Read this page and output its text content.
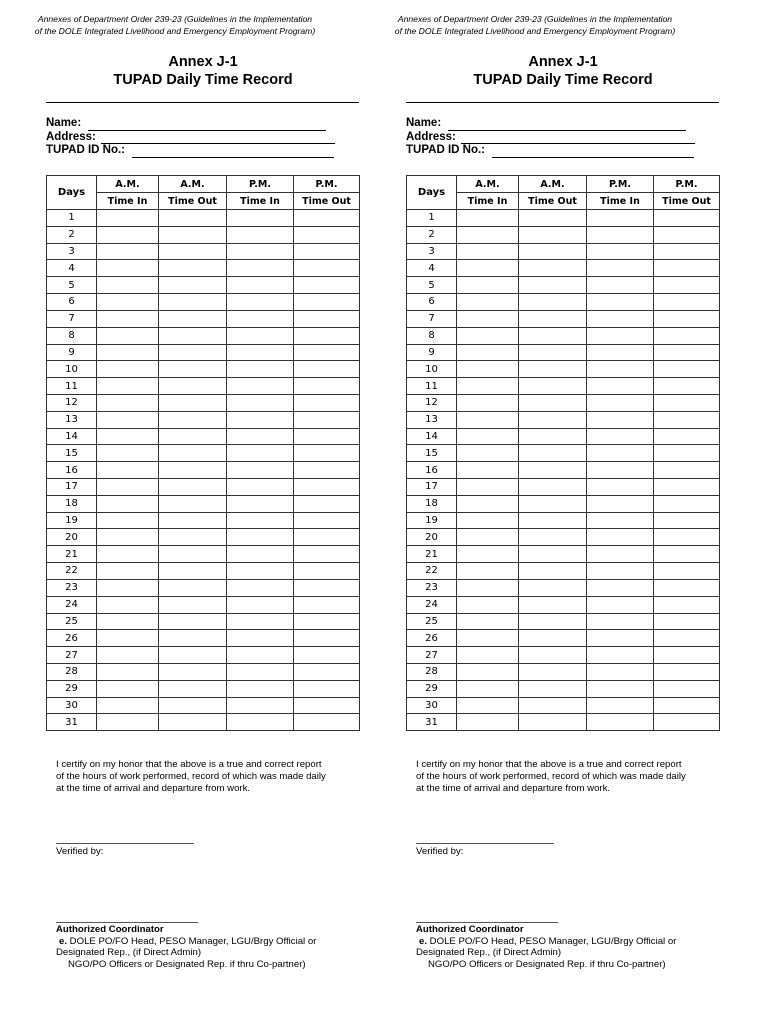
Annexes of Department Order 239-23 (Guidelines in the Implementation
of the DOLE Integrated Livelihood and Emergency Employment Program)
Annex J-1
TUPAD Daily Time Record
Name:
Address:
TUPAD ID No.:
Days	A.M.	A.M.	P.M.	P.M.
	Time In	Time Out	Time In	Time Out
1				
2				
3				
4				
5				
6				
7				
8				
9				
10				
11				
12				
13				
14				
15				
16				
17				
18				
19				
20				
21				
22				
23				
24				
25				
26				
27				
28				
29				
30				
31				
I certify on my honor that the above is a true and correct report
of the hours of work performed, record of which was made daily
at the time of arrival and departure from work.
Verified by:
Authorized Coordinator
e. DOLE PO/FO Head, PESO Manager, LGU/Brgy Official or
Designated Rep., (if Direct Admin)
NGO/PO Officers or Designated Rep. if thru Co-partner)
Annexes of Department Order 239-23 (Guidelines in the Implementation
of the DOLE Integrated Livelihood and Emergency Employment Program)
Annex J-1
TUPAD Daily Time Record
Name:
Address:
TUPAD ID No.:
Days	A.M.	A.M.	P.M.	P.M.
	Time In	Time Out	Time In	Time Out
1				
2				
3				
4				
5				
6				
7				
8				
9				
10				
11				
12				
13				
14				
15				
16				
17				
18				
19				
20				
21				
22				
23				
24				
25				
26				
27				
28				
29				
30				
31				
I certify on my honor that the above is a true and correct report
of the hours of work performed, record of which was made daily
at the time of arrival and departure from work.
Verified by:
Authorized Coordinator
e. DOLE PO/FO Head, PESO Manager, LGU/Brgy Official or
Designated Rep., (if Direct Admin)
NGO/PO Officers or Designated Rep. if thru Co-partner)
